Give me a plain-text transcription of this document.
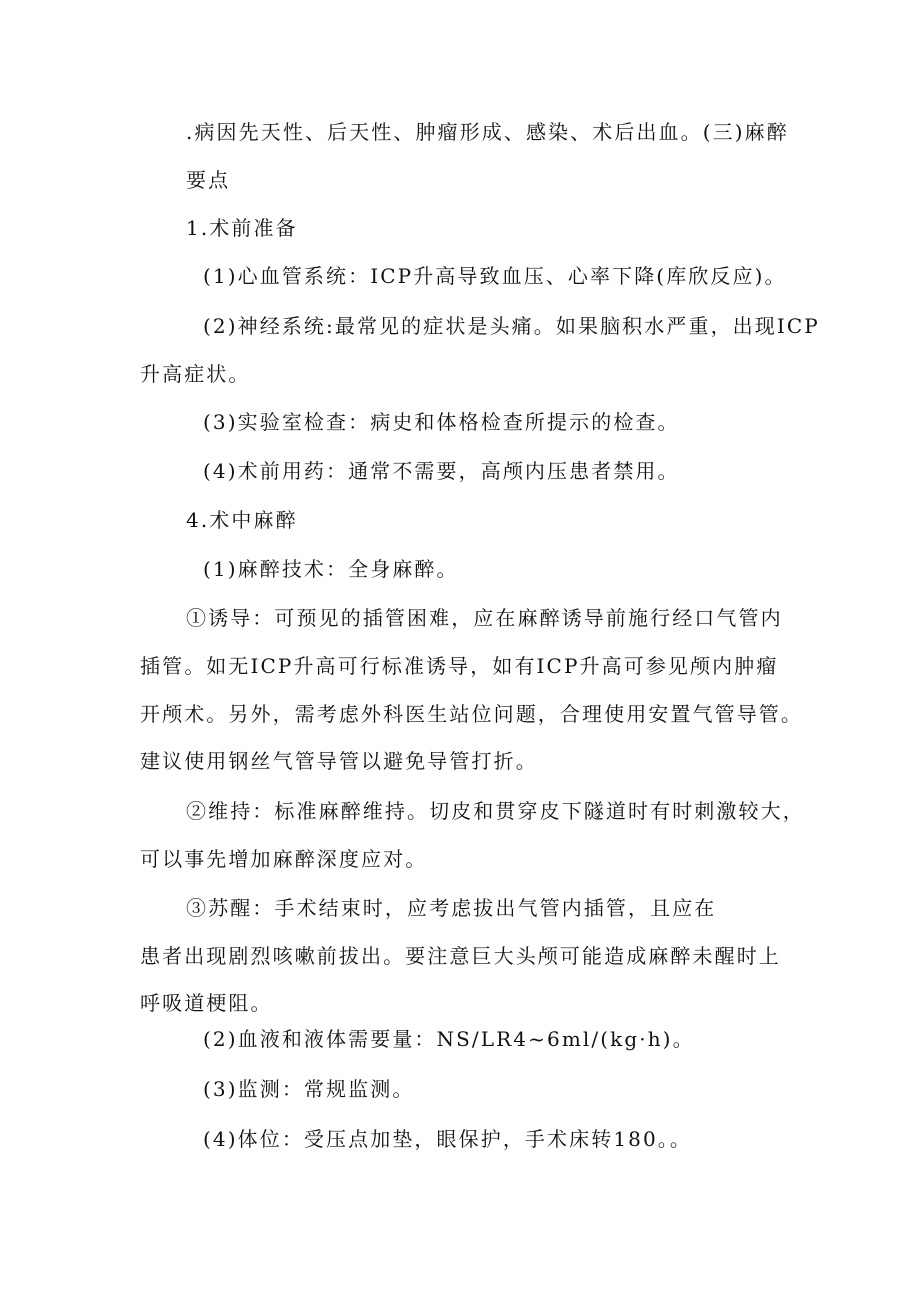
.病因先天性、后天性、肿瘤形成、感染、术后出血。(三)麻醉

要点

1.术前准备

(1)心血管系统：ICP升高导致血压、心率下降(库欣反应)。

(2)神经系统:最常见的症状是头痛。如果脑积水严重，出现ICP

升高症状。

(3)实验室检查：病史和体格检查所提示的检查。

(4)术前用药：通常不需要，高颅内压患者禁用。

4.术中麻醉

(1)麻醉技术：全身麻醉。

①诱导：可预见的插管困难，应在麻醉诱导前施行经口气管内

插管。如无ICP升高可行标准诱导，如有ICP升高可参见颅内肿瘤

开颅术。另外，需考虑外科医生站位问题，合理使用安置气管导管。

建议使用钢丝气管导管以避免导管打折。

②维持：标准麻醉维持。切皮和贯穿皮下隧道时有时刺激较大，

可以事先增加麻醉深度应对。

③苏醒：手术结束时，应考虑拔出气管内插管，且应在

患者出现剧烈咳嗽前拔出。要注意巨大头颅可能造成麻醉未醒时上

呼吸道梗阻。

(2)血液和液体需要量：NS/LR4~6ml/(kg·h)。

(3)监测：常规监测。

(4)体位：受压点加垫，眼保护，手术床转180。。
